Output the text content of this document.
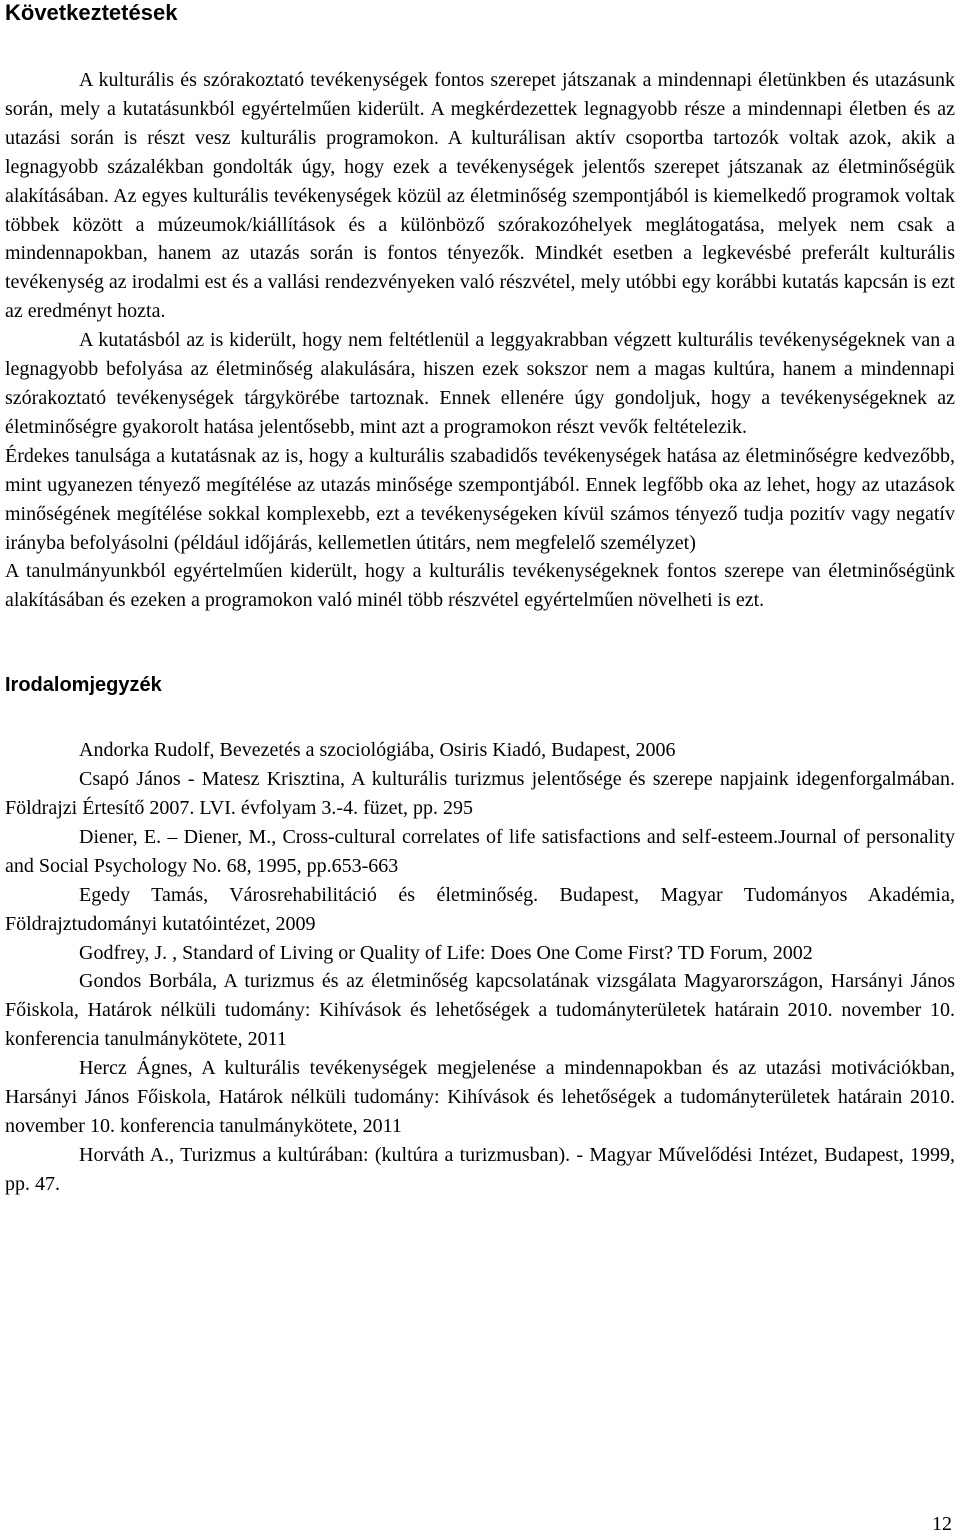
Következtetések

A kulturális és szórakoztató tevékenységek fontos szerepet játszanak a mindennapi életünkben és utazásunk során, mely a kutatásunkból egyértelműen kiderült. A megkérdezettek legnagyobb része a mindennapi életben és az utazási során is részt vesz kulturális programokon. A kulturálisan aktív csoportba tartozók voltak azok, akik a legnagyobb százalékban gondolták úgy, hogy ezek a tevékenységek jelentős szerepet játszanak az életminőségük alakításában. Az egyes kulturális tevékenységek közül az életminőség szempontjából is kiemelkedő programok voltak többek között a múzeumok/kiállítások és a különböző szórakozóhelyek meglátogatása, melyek nem csak a mindennapokban, hanem az utazás során is fontos tényezők. Mindkét esetben a legkevésbé preferált kulturális tevékenység az irodalmi est és a vallási rendezvényeken való részvétel, mely utóbbi egy korábbi kutatás kapcsán is ezt az eredményt hozta.

A kutatásból az is kiderült, hogy nem feltétlenül a leggyakrabban végzett kulturális tevékenységeknek van a legnagyobb befolyása az életminőség alakulására, hiszen ezek sokszor nem a magas kultúra, hanem a mindennapi szórakoztató tevékenységek tárgykörébe tartoznak. Ennek ellenére úgy gondoljuk, hogy a tevékenységeknek az életminőségre gyakorolt hatása jelentősebb, mint azt a programokon részt vevők feltételezik.

Érdekes tanulsága a kutatásnak az is, hogy a kulturális szabadidős tevékenységek hatása az életminőségre kedvezőbb, mint ugyanezen tényező megítélése az utazás minősége szempontjából. Ennek legfőbb oka az lehet, hogy az utazások minőségének megítélése sokkal komplexebb, ezt a tevékenységeken kívül számos tényező tudja pozitív vagy negatív irányba befolyásolni (például időjárás, kellemetlen útitárs, nem megfelelő személyzet)

A tanulmányunkból egyértelműen kiderült, hogy a kulturális tevékenységeknek fontos szerepe van életminőségünk alakításában és ezeken a programokon való minél több részvétel egyértelműen növelheti is ezt.

Irodalomjegyzék

Andorka Rudolf, Bevezetés a szociológiába, Osiris Kiadó, Budapest, 2006

Csapó János - Matesz Krisztina, A kulturális turizmus jelentősége és szerepe napjaink idegenforgalmában. Földrajzi Értesítő 2007. LVI. évfolyam 3.-4. füzet, pp. 295

Diener, E. – Diener, M., Cross-cultural correlates of life satisfactions and self-esteem.Journal of personality and Social Psychology No. 68, 1995, pp.653-663

Egedy Tamás, Városrehabilitáció és életminőség. Budapest, Magyar Tudományos Akadémia, Földrajztudományi kutatóintézet, 2009

Godfrey, J. , Standard of Living or Quality of Life: Does One Come First? TD Forum, 2002

Gondos Borbála, A turizmus és az életminőség kapcsolatának vizsgálata Magyarországon, Harsányi János Főiskola, Határok nélküli tudomány: Kihívások és lehetőségek a tudományterületek határain 2010. november 10. konferencia tanulmánykötete, 2011

Hercz Ágnes, A kulturális tevékenységek megjelenése a mindennapokban és az utazási motivációkban, Harsányi János Főiskola, Határok nélküli tudomány: Kihívások és lehetőségek a tudományterületek határain 2010. november 10. konferencia tanulmánykötete, 2011

Horváth A., Turizmus a kultúrában: (kultúra a turizmusban). - Magyar Művelődési Intézet, Budapest, 1999, pp. 47.

12
